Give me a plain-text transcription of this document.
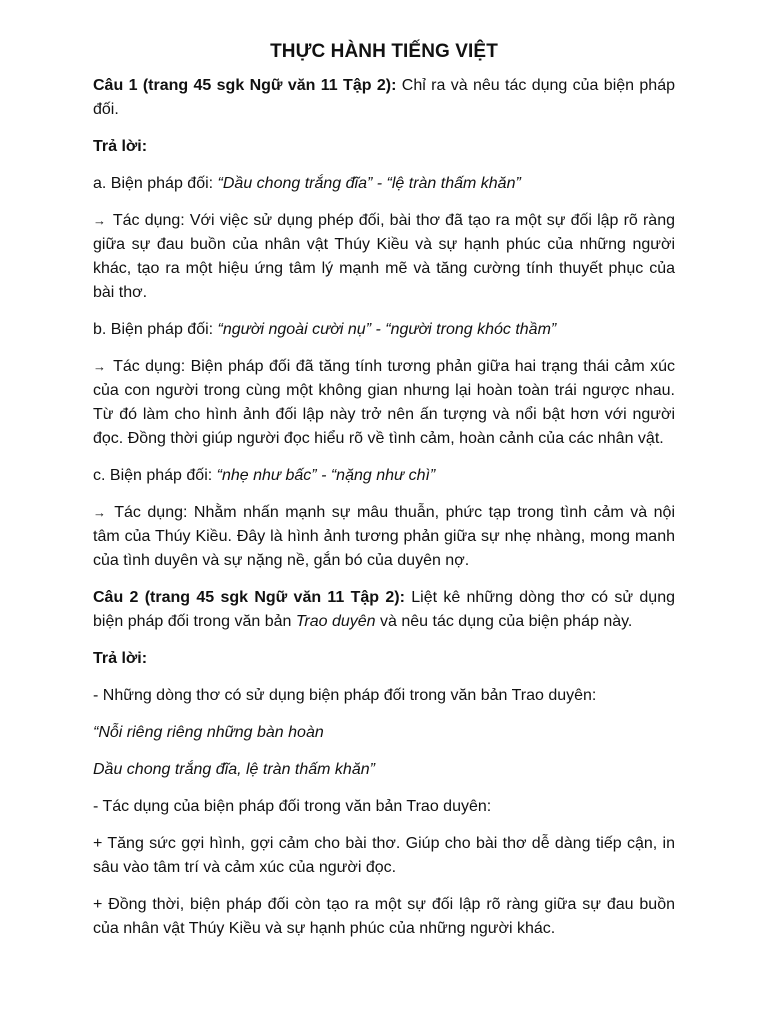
THỰC HÀNH TIẾNG VIỆT

Câu 1 (trang 45 sgk Ngữ văn 11 Tập 2): Chỉ ra và nêu tác dụng của biện pháp đối.

Trả lời:

a. Biện pháp đối: “Dầu chong trắng đĩa” - “lệ tràn thấm khăn”

→ Tác dụng: Với việc sử dụng phép đối, bài thơ đã tạo ra một sự đối lập rõ ràng giữa sự đau buồn của nhân vật Thúy Kiều và sự hạnh phúc của những người khác, tạo ra một hiệu ứng tâm lý mạnh mẽ và tăng cường tính thuyết phục của bài thơ.

b. Biện pháp đối: “người ngoài cười nụ” - “người trong khóc thầm”

→ Tác dụng: Biện pháp đối đã tăng tính tương phản giữa hai trạng thái cảm xúc của con người trong cùng một không gian nhưng lại hoàn toàn trái ngược nhau. Từ đó làm cho hình ảnh đối lập này trở nên ấn tượng và nổi bật hơn với người đọc. Đồng thời giúp người đọc hiểu rõ về tình cảm, hoàn cảnh của các nhân vật.

c. Biện pháp đối: “nhẹ như bấc” - “nặng như chì”

→ Tác dụng: Nhằm nhấn mạnh sự mâu thuẫn, phức tạp trong tình cảm và nội tâm của Thúy Kiều. Đây là hình ảnh tương phản giữa sự nhẹ nhàng, mong manh của tình duyên và sự nặng nề, gắn bó của duyên nợ.

Câu 2 (trang 45 sgk Ngữ văn 11 Tập 2): Liệt kê những dòng thơ có sử dụng biện pháp đối trong văn bản Trao duyên và nêu tác dụng của biện pháp này.

Trả lời:

- Những dòng thơ có sử dụng biện pháp đối trong văn bản Trao duyên:

“Nỗi riêng riêng những bàn hoàn

Dầu chong trắng đĩa, lệ tràn thấm khăn”

- Tác dụng của biện pháp đối trong văn bản Trao duyên:

+ Tăng sức gợi hình, gợi cảm cho bài thơ. Giúp cho bài thơ dễ dàng tiếp cận, in sâu vào tâm trí và cảm xúc của người đọc.

+ Đồng thời, biện pháp đối còn tạo ra một sự đối lập rõ ràng giữa sự đau buồn của nhân vật Thúy Kiều và sự hạnh phúc của những người khác.
